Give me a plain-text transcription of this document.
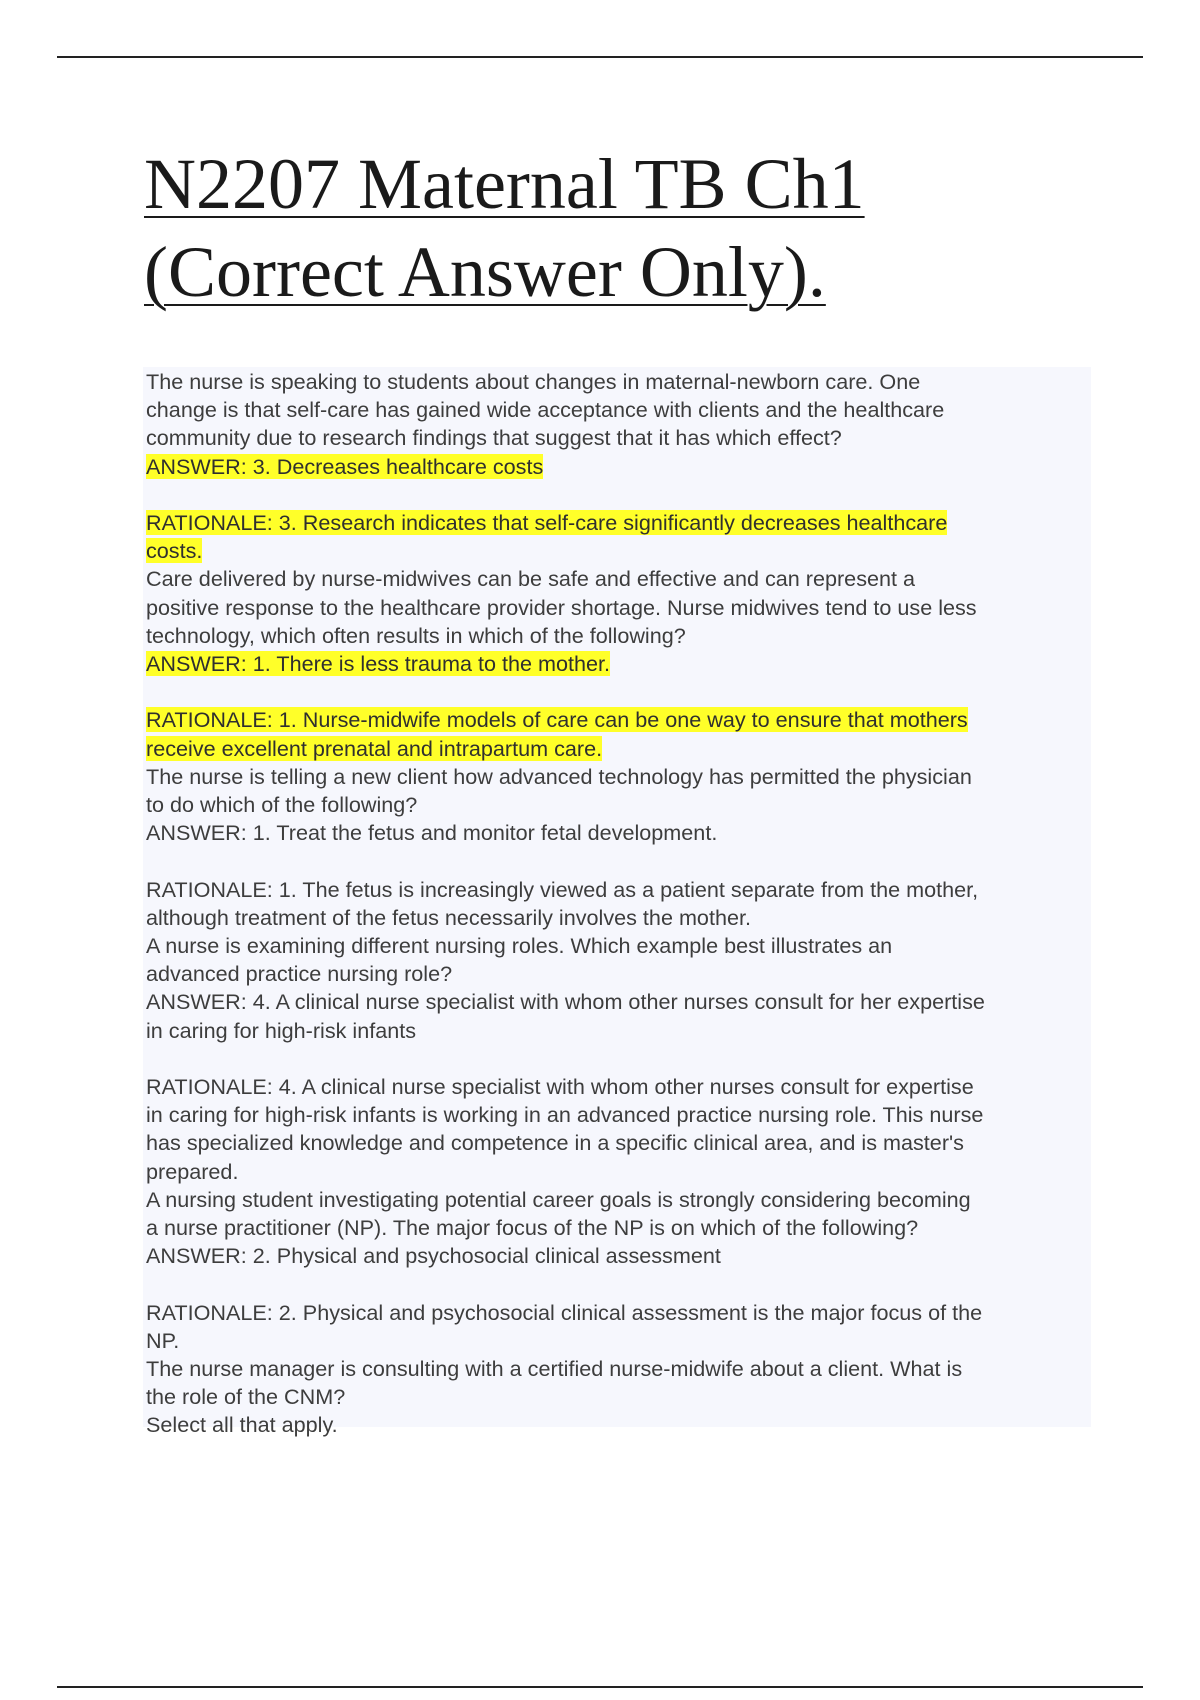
N2207 Maternal TB Ch1
(Correct Answer Only).
The nurse is speaking to students about changes in maternal-newborn care. One
change is that self-care has gained wide acceptance with clients and the healthcare
community due to research findings that suggest that it has which effect?
ANSWER: 3. Decreases healthcare costs
RATIONALE: 3. Research indicates that self-care significantly decreases healthcare
costs.
Care delivered by nurse-midwives can be safe and effective and can represent a
positive response to the healthcare provider shortage. Nurse midwives tend to use less
technology, which often results in which of the following?
ANSWER: 1. There is less trauma to the mother.
RATIONALE: 1. Nurse-midwife models of care can be one way to ensure that mothers
receive excellent prenatal and intrapartum care.
The nurse is telling a new client how advanced technology has permitted the physician
to do which of the following?
ANSWER: 1. Treat the fetus and monitor fetal development.
RATIONALE: 1. The fetus is increasingly viewed as a patient separate from the mother,
although treatment of the fetus necessarily involves the mother.
A nurse is examining different nursing roles. Which example best illustrates an
advanced practice nursing role?
ANSWER: 4. A clinical nurse specialist with whom other nurses consult for her expertise
in caring for high-risk infants
RATIONALE: 4. A clinical nurse specialist with whom other nurses consult for expertise
in caring for high-risk infants is working in an advanced practice nursing role. This nurse
has specialized knowledge and competence in a specific clinical area, and is master's
prepared.
A nursing student investigating potential career goals is strongly considering becoming
a nurse practitioner (NP). The major focus of the NP is on which of the following?
ANSWER: 2. Physical and psychosocial clinical assessment
RATIONALE: 2. Physical and psychosocial clinical assessment is the major focus of the
NP.
The nurse manager is consulting with a certified nurse-midwife about a client. What is
the role of the CNM?
Select all that apply.
